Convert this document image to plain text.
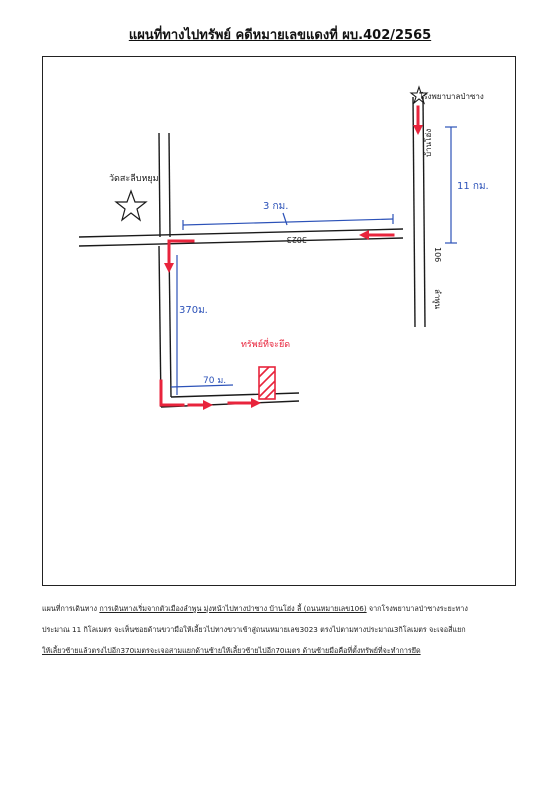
แผนที่ทางไปทรัพย์ คดีหมายเลขแดงที่ ผบ.402/2565
วัดสะลีบหยุม
โรงพยาบาลป่าซาง
3 กม.
3023
11 กม.
106
บ้านโฮ่ง
ลำพูน
370ม.
70 ม.
ทรัพย์ที่จะยึด

แผนที่การเดินทาง การเดินทางเริ่มจากตัวเมืองลำพูน มุ่งหน้าไปทางป่าซาง บ้านโฮ่ง ลี้ (ถนนหมายเลข106) จากโรงพยาบาลป่าซางระยะทาง

ประมาณ 11 กิโลเมตร จะเห็นซอยด้านขวามือให้เลี้ยวไปทางขวาเข้าสู่ถนนหมายเลข3023 ตรงไปตามทางประมาณ3กิโลเมตร จะเจอสี่แยก

ให้เลี้ยวซ้ายแล้วตรงไปอีก370เมตรจะเจอสามแยกด้านซ้ายให้เลี้ยวซ้ายไปอีก70เมตร ด้านซ้ายมือคือที่ตั้งทรัพย์ที่จะทำการยึด
